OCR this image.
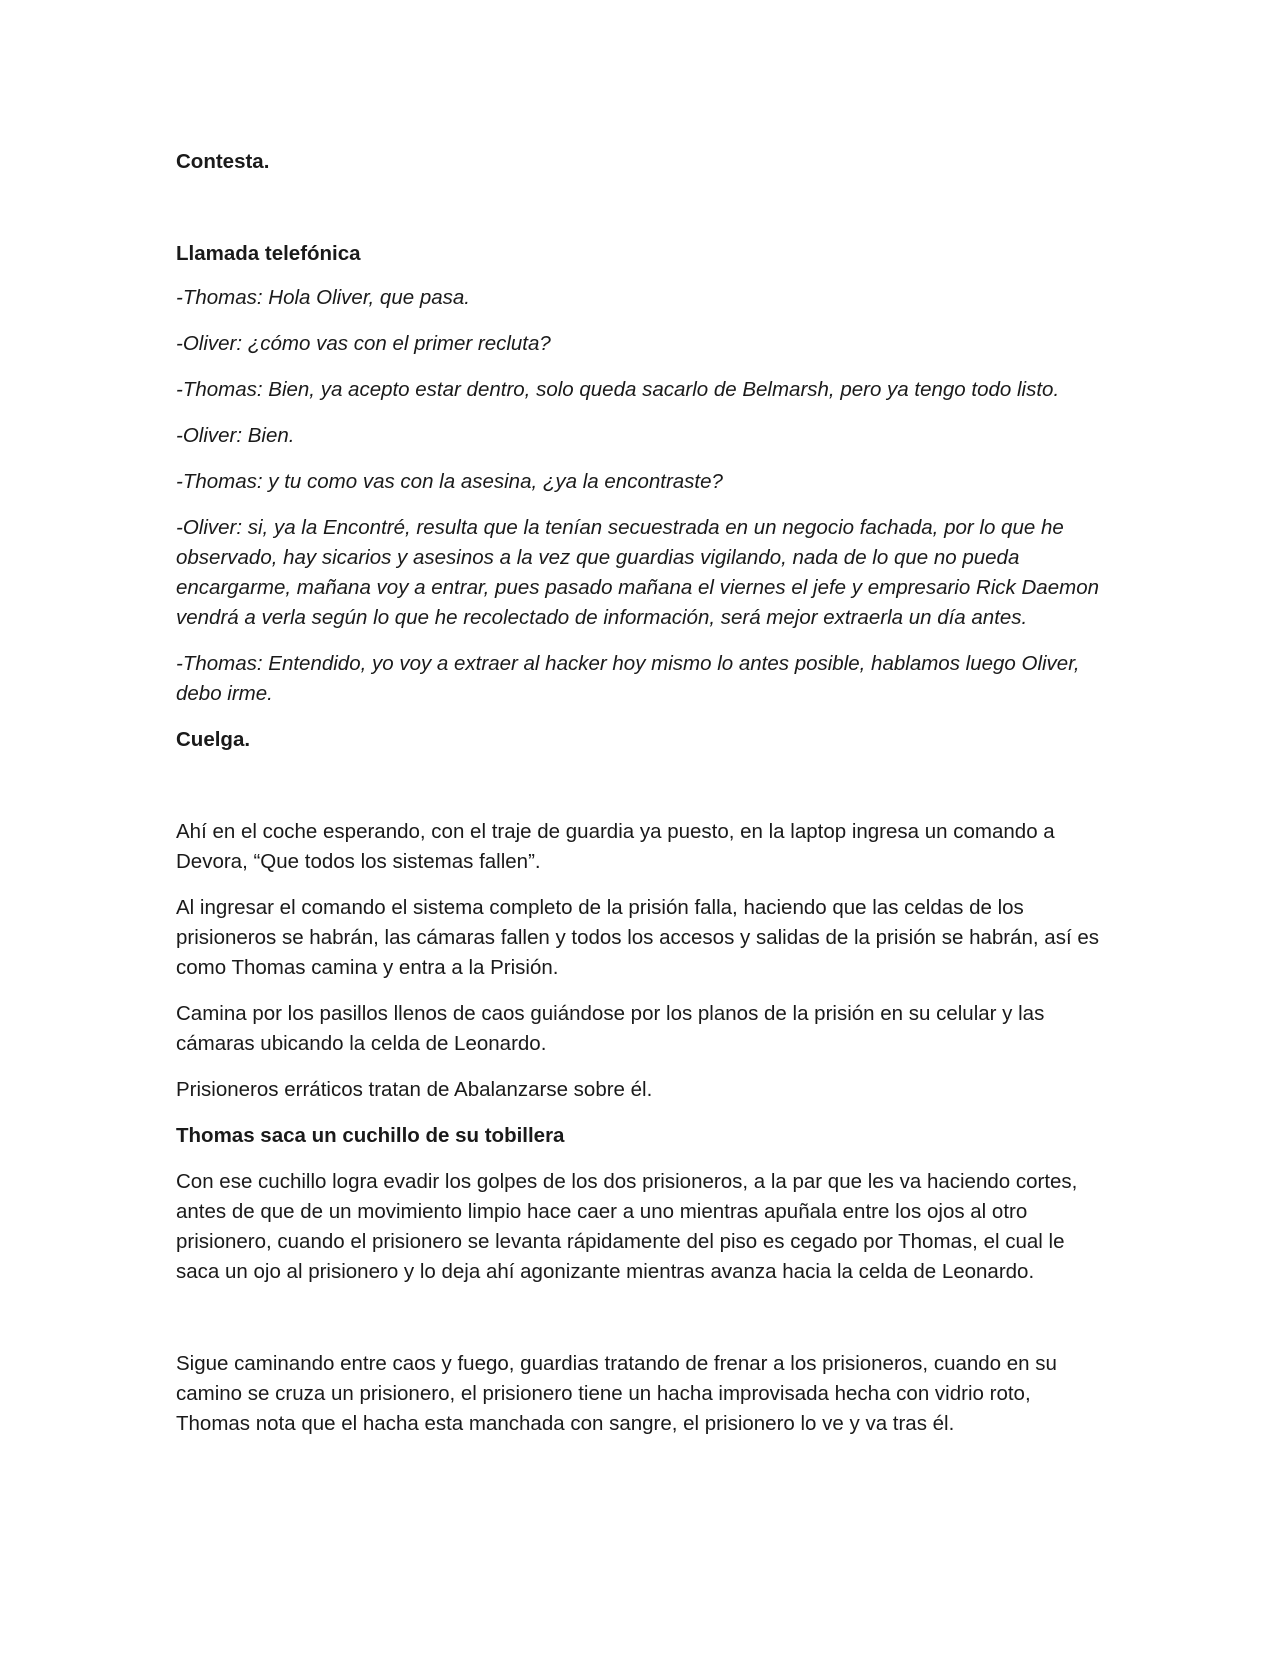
Contesta.

Llamada telefónica

-Thomas: Hola Oliver, que pasa.

-Oliver: ¿cómo vas con el primer recluta?

-Thomas: Bien, ya acepto estar dentro, solo queda sacarlo de Belmarsh, pero ya tengo todo listo.

-Oliver: Bien.

-Thomas: y tu como vas con la asesina, ¿ya la encontraste?

-Oliver: si, ya la Encontré, resulta que la tenían secuestrada en un negocio fachada, por lo que he observado, hay sicarios y asesinos a la vez que guardias vigilando, nada de lo que no pueda encargarme, mañana voy a entrar, pues pasado mañana el viernes el jefe y empresario Rick Daemon vendrá a verla según lo que he recolectado de información, será mejor extraerla un día antes.

-Thomas: Entendido, yo voy a extraer al hacker hoy mismo lo antes posible, hablamos luego Oliver, debo irme.

Cuelga.

Ahí en el coche esperando, con el traje de guardia ya puesto, en la laptop ingresa un comando a Devora, “Que todos los sistemas fallen”.

Al ingresar el comando el sistema completo de la prisión falla, haciendo que las celdas de los prisioneros se habrán, las cámaras fallen y todos los accesos y salidas de la prisión se habrán, así es como Thomas camina y entra a la Prisión.

Camina por los pasillos llenos de caos guiándose por los planos de la prisión en su celular y las cámaras ubicando la celda de Leonardo.

Prisioneros erráticos tratan de Abalanzarse sobre él.

Thomas saca un cuchillo de su tobillera

Con ese cuchillo logra evadir los golpes de los dos prisioneros, a la par que les va haciendo cortes, antes de que de un movimiento limpio hace caer a uno mientras apuñala entre los ojos al otro prisionero, cuando el prisionero se levanta rápidamente del piso es cegado por Thomas, el cual le saca un ojo al prisionero y lo deja ahí agonizante mientras avanza hacia la celda de Leonardo.

Sigue caminando entre caos y fuego, guardias tratando de frenar a los prisioneros, cuando en su camino se cruza un prisionero, el prisionero tiene un hacha improvisada hecha con vidrio roto, Thomas nota que el hacha esta manchada con sangre, el prisionero lo ve y va tras él.
